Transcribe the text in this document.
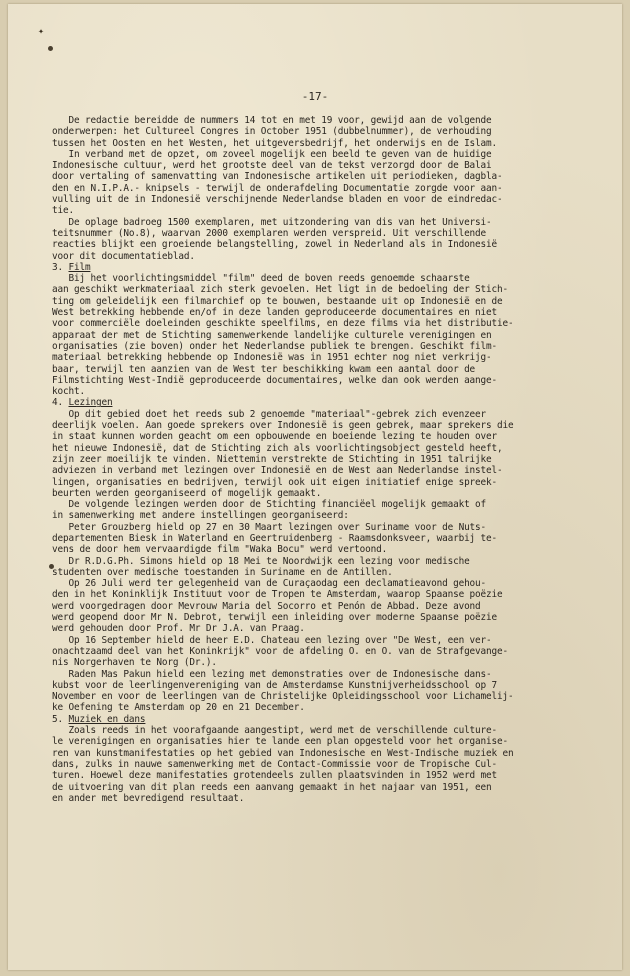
✦
-17-
De redactie bereidde de nummers 14 tot en met 19 voor, gewijd aan de volgende
onderwerpen: het Cultureel Congres in October 1951 (dubbelnummer), de verhouding
tussen het Oosten en het Westen, het uitgeversbedrijf, het onderwijs en de Islam.
In verband met de opzet, om zoveel mogelijk een beeld te geven van de huidige
Indonesische cultuur, werd het grootste deel van de tekst verzorgd door de Balai
door vertaling of samenvatting van Indonesische artikelen uit periodieken, dagbla-
den en N.I.P.A.- knipsels - terwijl de onderafdeling Documentatie zorgde voor aan-
vulling uit de in Indonesië verschijnende Nederlandse bladen en voor de eindredac-
tie.
De oplage badroeg 1500 exemplaren, met uitzondering van dis van het Universi-
teitsnummer (No.8), waarvan 2000 exemplaren werden verspreid. Uit verschillende
reacties blijkt een groeiende belangstelling, zowel in Nederland als in Indonesië
voor dit documentatieblad.
3. Film
Bij het voorlichtingsmiddel "film" deed de boven reeds genoemde schaarste
aan geschikt werkmateriaal zich sterk gevoelen. Het ligt in de bedoeling der Stich-
ting om geleidelijk een filmarchief op te bouwen, bestaande uit op Indonesië en de
West betrekking hebbende en/of in deze landen geproduceerde documentaires en niet
voor commerciële doeleinden geschikte speelfilms, en deze films via het distributie-
apparaat der met de Stichting samenwerkende landelijke culturele verenigingen en
organisaties (zie boven) onder het Nederlandse publiek te brengen. Geschikt film-
materiaal betrekking hebbende op Indonesië was in 1951 echter nog niet verkrijg-
baar, terwijl ten aanzien van de West ter beschikking kwam een aantal door de
Filmstichting West-Indië geproduceerde documentaires, welke dan ook werden aange-
kocht.
4. Lezingen
Op dit gebied doet het reeds sub 2 genoemde "materiaal"-gebrek zich evenzeer
deerlijk voelen. Aan goede sprekers over Indonesië is geen gebrek, maar sprekers die
in staat kunnen worden geacht om een opbouwende en boeiende lezing te houden over
het nieuwe Indonesië, dat de Stichting zich als voorlichtingsobject gesteld heeft,
zijn zeer moeilijk te vinden. Niettemin verstrekte de Stichting in 1951 talrijke
adviezen in verband met lezingen over Indonesië en de West aan Nederlandse instel-
lingen, organisaties en bedrijven, terwijl ook uit eigen initiatief enige spreek-
beurten werden georganiseerd of mogelijk gemaakt.
De volgende lezingen werden door de Stichting financiëel mogelijk gemaakt of
in samenwerking met andere instellingen georganiseerd:
Peter Grouzberg hield op 27 en 30 Maart lezingen over Suriname voor de Nuts-
departementen Biesk in Waterland en Geertruidenberg - Raamsdonksveer, waarbij te-
vens de door hem vervaardigde film "Waka Bocu" werd vertoond.
Dr R.D.G.Ph. Simons hield op 18 Mei te Noordwijk een lezing voor medische
studenten over medische toestanden in Suriname en de Antillen.
Op 26 Juli werd ter gelegenheid van de Curaçaodag een declamatieavond gehou-
den in het Koninklijk Instituut voor de Tropen te Amsterdam, waarop Spaanse poëzie
werd voorgedragen door Mevrouw Maria del Socorro et Penón de Abbad. Deze avond
werd geopend door Mr N. Debrot, terwijl een inleiding over moderne Spaanse poëzie
werd gehouden door Prof. Mr Dr J.A. van Praag.
Op 16 September hield de heer E.D. Chateau een lezing over "De West, een ver-
onachtzaamd deel van het Koninkrijk" voor de afdeling O. en O. van de Strafgevange-
nis Norgerhaven te Norg (Dr.).
Raden Mas Pakun hield een lezing met demonstraties over de Indonesische dans-
kubst voor de leerlingenvereniging van de Amsterdamse Kunstnijverheidsschool op 7
November en voor de leerlingen van de Christelijke Opleidingsschool voor Lichamelij-
ke Oefening te Amsterdam op 20 en 21 December.
5. Muziek en dans
Zoals reeds in het voorafgaande aangestipt, werd met de verschillende culture-
le verenigingen en organisaties hier te lande een plan opgesteld voor het organise-
ren van kunstmanifestaties op het gebied van Indonesische en West-Indische muziek en
dans, zulks in nauwe samenwerking met de Contact-Commissie voor de Tropische Cul-
turen. Hoewel deze manifestaties grotendeels zullen plaatsvinden in 1952 werd met
de uitvoering van dit plan reeds een aanvang gemaakt in het najaar van 1951, een
en ander met bevredigend resultaat.
